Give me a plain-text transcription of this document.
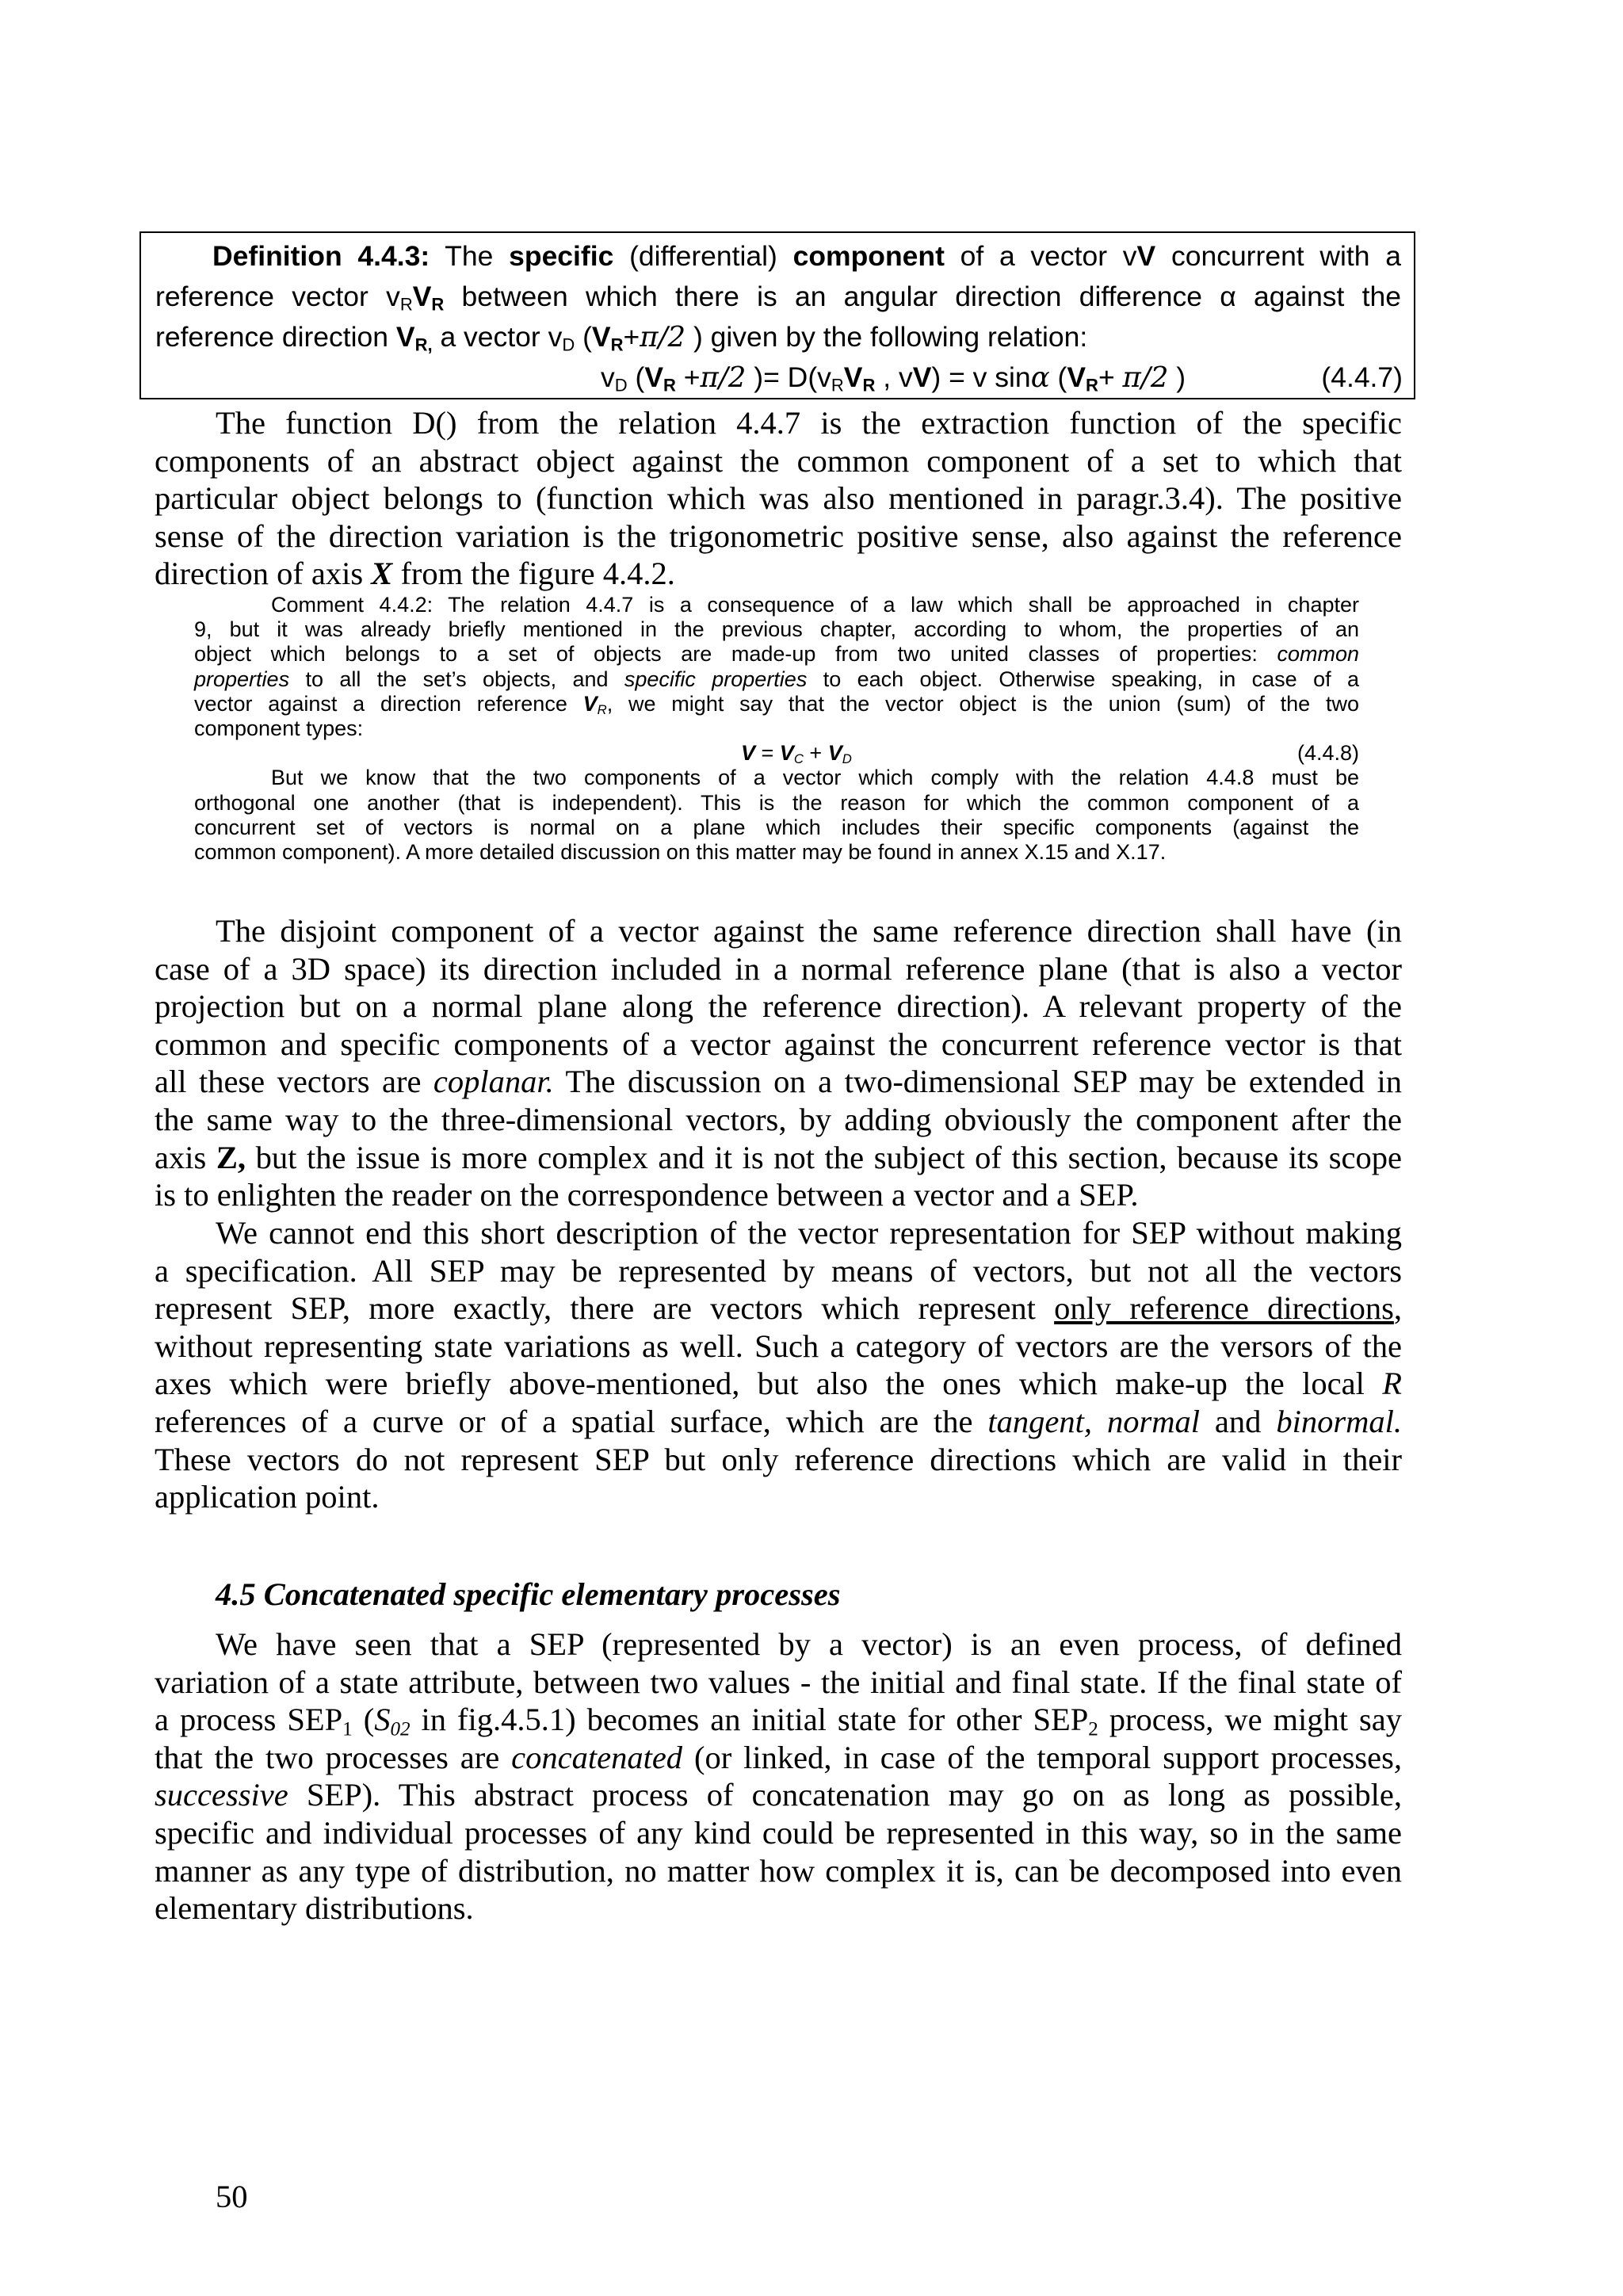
Definition 4.4.3: The specific (differential) component of a vector vV concurrent with a
reference vector $v_RV_R$ between which there is an angular direction difference α against the
reference direction $V_{R,}$ a vector $v_D$ ($V_R+\pi/2$ ) given by the following relation:
$v_D$ ($V_R +\pi/2$ )= $D(v_RV_R$ , vV) = v sinα ($V_R+ \pi/2$ )	(4.4.7)
The function D() from the relation 4.4.7 is the extraction function of the specific
components of an abstract object against the common component of a set to which that
particular object belongs to (function which was also mentioned in paragr.3.4). The positive
sense of the direction variation is the trigonometric positive sense, also against the reference
direction of axis X from the figure 4.4.2.
Comment 4.4.2: The relation 4.4.7 is a consequence of a law which shall be approached in chapter
9, but it was already briefly mentioned in the previous chapter, according to whom, the properties of an
object which belongs to a set of objects are made-up from two united classes of properties: common
properties to all the set’s objects, and specific properties to each object. Otherwise speaking, in case of a
vector against a direction reference $V_R$, we might say that the vector object is the union (sum) of the two
component types:
$V = V_C + V_D$	(4.4.8)
But we know that the two components of a vector which comply with the relation 4.4.8 must be
orthogonal one another (that is independent). This is the reason for which the common component of a
concurrent set of vectors is normal on a plane which includes their specific components (against the
common component). A more detailed discussion on this matter may be found in annex X.15 and X.17.
The disjoint component of a vector against the same reference direction shall have (in
case of a 3D space) its direction included in a normal reference plane (that is also a vector
projection but on a normal plane along the reference direction). A relevant property of the
common and specific components of a vector against the concurrent reference vector is that
all these vectors are coplanar. The discussion on a two-dimensional SEP may be extended in
the same way to the three-dimensional vectors, by adding obviously the component after the
axis Z, but the issue is more complex and it is not the subject of this section, because its scope
is to enlighten the reader on the correspondence between a vector and a SEP.
We cannot end this short description of the vector representation for SEP without making
a specification. All SEP may be represented by means of vectors, but not all the vectors
represent SEP, more exactly, there are vectors which represent only reference directions,
without representing state variations as well. Such a category of vectors are the versors of the
axes which were briefly above-mentioned, but also the ones which make-up the local R
references of a curve or of a spatial surface, which are the tangent, normal and binormal.
These vectors do not represent SEP but only reference directions which are valid in their
application point.
4.5 Concatenated specific elementary processes
We have seen that a SEP (represented by a vector) is an even process, of defined
variation of a state attribute, between two values - the initial and final state. If the final state of
a process $SEP_1$ ($S_{02}$ in fig.4.5.1) becomes an initial state for other $SEP_2$ process, we might say
that the two processes are concatenated (or linked, in case of the temporal support processes,
successive SEP). This abstract process of concatenation may go on as long as possible,
specific and individual processes of any kind could be represented in this way, so in the same
manner as any type of distribution, no matter how complex it is, can be decomposed into even
elementary distributions.
50
